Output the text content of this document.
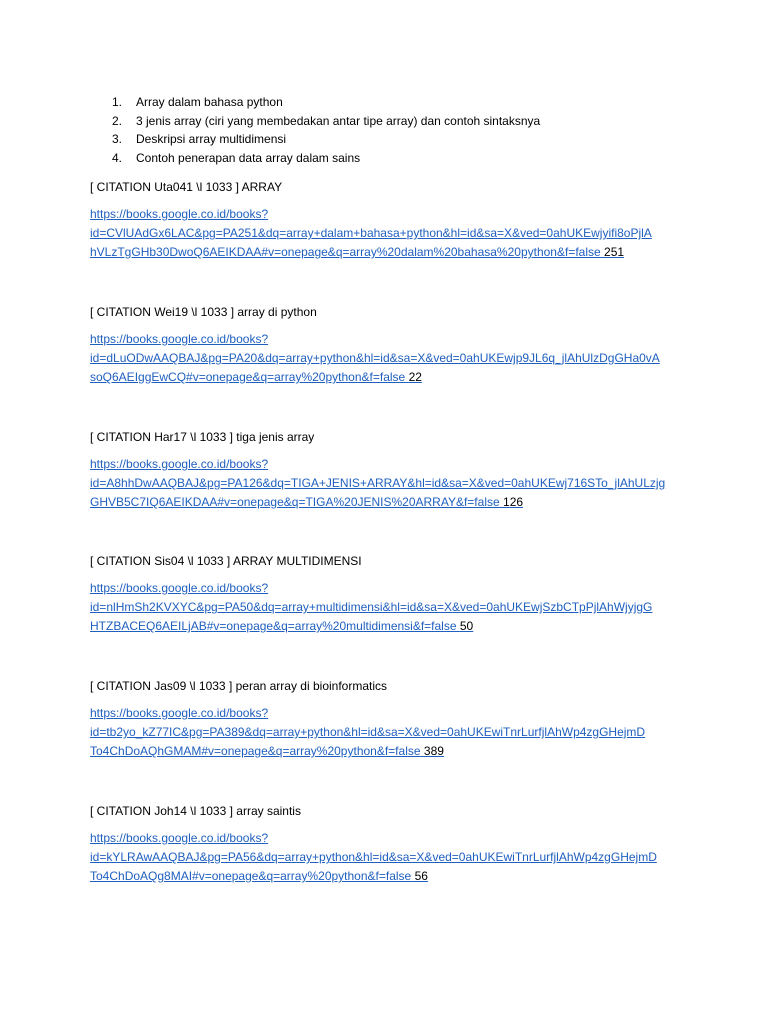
1. Array dalam bahasa python
2. 3 jenis array (ciri yang membedakan antar tipe array) dan contoh sintaksnya
3. Deskripsi array multidimensi
4. Contoh penerapan data array dalam sains
[ CITATION Uta041 \l 1033 ] ARRAY
https://books.google.co.id/books?
id=CVlUAdGx6LAC&pg=PA251&dq=array+dalam+bahasa+python&hl=id&sa=X&ved=0ahUKEwjyifi8oPjlA
hVLzTgGHb30DwoQ6AEIKDAA#v=onepage&q=array%20dalam%20bahasa%20python&f=false 251
[ CITATION Wei19 \l 1033 ] array di python
https://books.google.co.id/books?
id=dLuODwAAQBAJ&pg=PA20&dq=array+python&hl=id&sa=X&ved=0ahUKEwjp9JL6q_jlAhUlzDgGHa0vA
soQ6AEIggEwCQ#v=onepage&q=array%20python&f=false 22
[ CITATION Har17 \l 1033 ] tiga jenis array
https://books.google.co.id/books?
id=A8hhDwAAQBAJ&pg=PA126&dq=TIGA+JENIS+ARRAY&hl=id&sa=X&ved=0ahUKEwj716STo_jlAhULzjg
GHVB5C7IQ6AEIKDAA#v=onepage&q=TIGA%20JENIS%20ARRAY&f=false 126
[ CITATION Sis04 \l 1033 ] ARRAY MULTIDIMENSI
https://books.google.co.id/books?
id=nlHmSh2KVXYC&pg=PA50&dq=array+multidimensi&hl=id&sa=X&ved=0ahUKEwjSzbCTpPjlAhWjyjgG
HTZBACEQ6AEILjAB#v=onepage&q=array%20multidimensi&f=false 50
[ CITATION Jas09 \l 1033 ] peran array di bioinformatics
https://books.google.co.id/books?
id=tb2yo_kZ77IC&pg=PA389&dq=array+python&hl=id&sa=X&ved=0ahUKEwiTnrLurfjlAhWp4zgGHejmD
To4ChDoAQhGMAM#v=onepage&q=array%20python&f=false 389
[ CITATION Joh14 \l 1033 ] array saintis
https://books.google.co.id/books?
id=kYLRAwAAQBAJ&pg=PA56&dq=array+python&hl=id&sa=X&ved=0ahUKEwiTnrLurfjlAhWp4zgGHejmD
To4ChDoAQg8MAI#v=onepage&q=array%20python&f=false 56
